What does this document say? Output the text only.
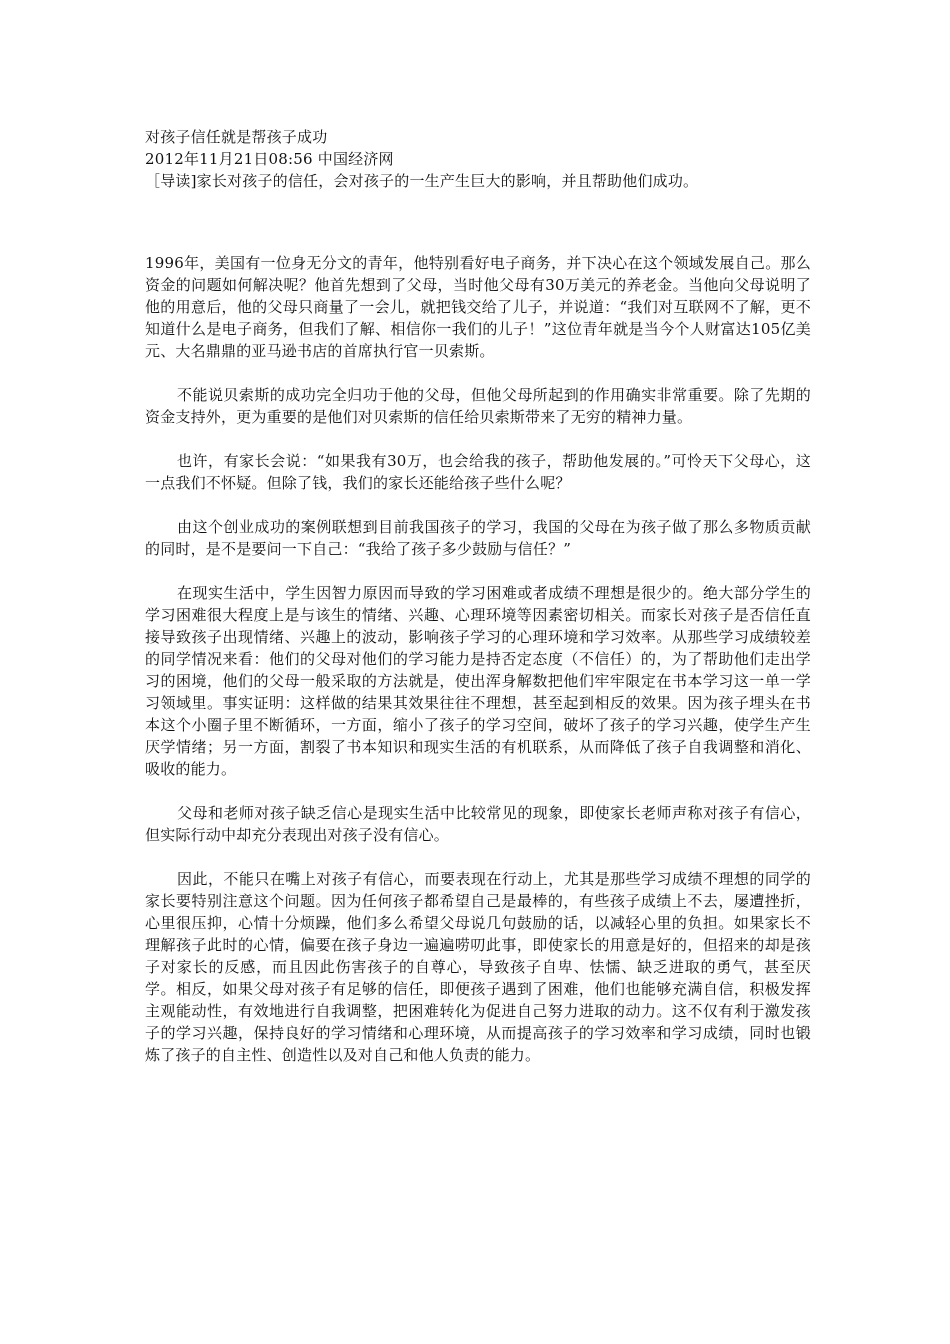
对孩子信任就是帮孩子成功

2012年11月21日08:56 中国经济网

［导读]家长对孩子的信任，会对孩子的一生产生巨大的影响，并且帮助他们成功。

1996年，美国有一位身无分文的青年，他特别看好电子商务，并下决心在这个领域发展自己。那么资金的问题如何解决呢？他首先想到了父母，当时他父母有30万美元的养老金。当他向父母说明了他的用意后，他的父母只商量了一会儿，就把钱交给了儿子，并说道：“我们对互联网不了解，更不知道什么是电子商务，但我们了解、相信你一我们的儿子！”这位青年就是当今个人财富达105亿美元、大名鼎鼎的亚马逊书店的首席执行官一贝索斯。

不能说贝索斯的成功完全归功于他的父母，但他父母所起到的作用确实非常重要。除了先期的资金支持外，更为重要的是他们对贝索斯的信任给贝索斯带来了无穷的精神力量。

也许，有家长会说：“如果我有30万，也会给我的孩子，帮助他发展的。”可怜天下父母心，这一点我们不怀疑。但除了钱，我们的家长还能给孩子些什么呢？

由这个创业成功的案例联想到目前我国孩子的学习，我国的父母在为孩子做了那么多物质贡献的同时，是不是要问一下自己：“我给了孩子多少鼓励与信任？”

在现实生活中，学生因智力原因而导致的学习困难或者成绩不理想是很少的。绝大部分学生的学习困难很大程度上是与该生的情绪、兴趣、心理环境等因素密切相关。而家长对孩子是否信任直接导致孩子出现情绪、兴趣上的波动，影响孩子学习的心理环境和学习效率。从那些学习成绩较差的同学情况来看：他们的父母对他们的学习能力是持否定态度（不信任）的，为了帮助他们走出学习的困境，他们的父母一般采取的方法就是，使出浑身解数把他们牢牢限定在书本学习这一单一学习领域里。事实证明：这样做的结果其效果往往不理想，甚至起到相反的效果。因为孩子埋头在书本这个小圈子里不断循环，一方面，缩小了孩子的学习空间，破坏了孩子的学习兴趣，使学生产生厌学情绪；另一方面，割裂了书本知识和现实生活的有机联系，从而降低了孩子自我调整和消化、吸收的能力。

父母和老师对孩子缺乏信心是现实生活中比较常见的现象，即使家长老师声称对孩子有信心，但实际行动中却充分表现出对孩子没有信心。

因此，不能只在嘴上对孩子有信心，而要表现在行动上，尤其是那些学习成绩不理想的同学的家长要特别注意这个问题。因为任何孩子都希望自己是最棒的，有些孩子成绩上不去，屡遭挫折，心里很压抑，心情十分烦躁，他们多么希望父母说几句鼓励的话，以减轻心里的负担。如果家长不理解孩子此时的心情，偏要在孩子身边一遍遍唠叨此事，即使家长的用意是好的，但招来的却是孩子对家长的反感，而且因此伤害孩子的自尊心，导致孩子自卑、怯懦、缺乏进取的勇气，甚至厌学。相反，如果父母对孩子有足够的信任，即便孩子遇到了困难，他们也能够充满自信，积极发挥主观能动性，有效地进行自我调整，把困难转化为促进自己努力进取的动力。这不仅有利于激发孩子的学习兴趣，保持良好的学习情绪和心理环境，从而提高孩子的学习效率和学习成绩，同时也锻炼了孩子的自主性、创造性以及对自己和他人负责的能力。
